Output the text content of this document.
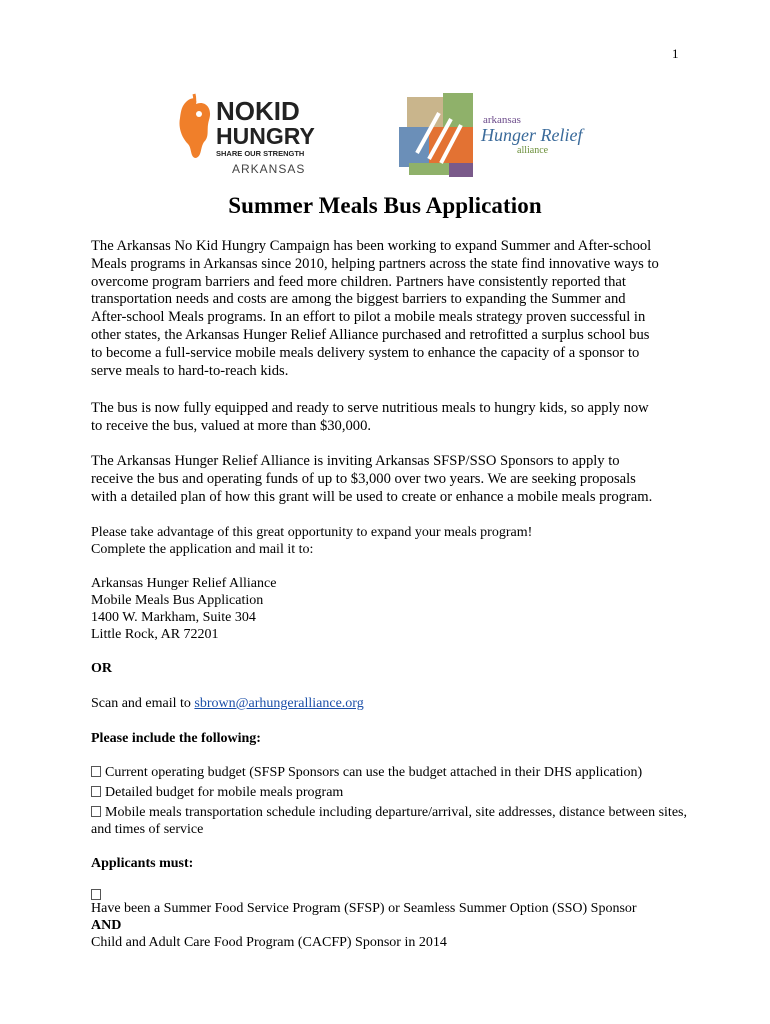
1
NOKID
HUNGRY
SHARE OUR STRENGTH
ARKANSAS
arkansas
Hunger Relief
alliance
Summer Meals Bus Application
The Arkansas No Kid Hungry Campaign has been working to expand Summer and After-school
Meals programs in Arkansas since 2010, helping partners across the state find innovative ways to
overcome program barriers and feed more children. Partners have consistently reported that
transportation needs and costs are among the biggest barriers to expanding the Summer and
After-school Meals programs. In an effort to pilot a mobile meals strategy proven successful in
other states, the Arkansas Hunger Relief Alliance purchased and retrofitted a surplus school bus
to become a full-service mobile meals delivery system to enhance the capacity of a sponsor to
serve meals to hard-to-reach kids.
The bus is now fully equipped and ready to serve nutritious meals to hungry kids, so apply now
to receive the bus, valued at more than $30,000.
The Arkansas Hunger Relief Alliance is inviting Arkansas SFSP/SSO Sponsors to apply to
receive the bus and operating funds of up to $3,000 over two years. We are seeking proposals
with a detailed plan of how this grant will be used to create or enhance a mobile meals program.
Please take advantage of this great opportunity to expand your meals program!
Complete the application and mail it to:
Arkansas Hunger Relief Alliance
Mobile Meals Bus Application
1400 W. Markham, Suite 304
Little Rock, AR 72201
OR
Scan and email to sbrown@arhungeralliance.org
Please include the following:
Current operating budget (SFSP Sponsors can use the budget attached in their DHS application)
Detailed budget for mobile meals program
Mobile meals transportation schedule including departure/arrival, site addresses, distance between sites, and times of service
Applicants must:
Have been a Summer Food Service Program (SFSP) or Seamless Summer Option (SSO) Sponsor
AND
Child and Adult Care Food Program (CACFP) Sponsor in 2014
